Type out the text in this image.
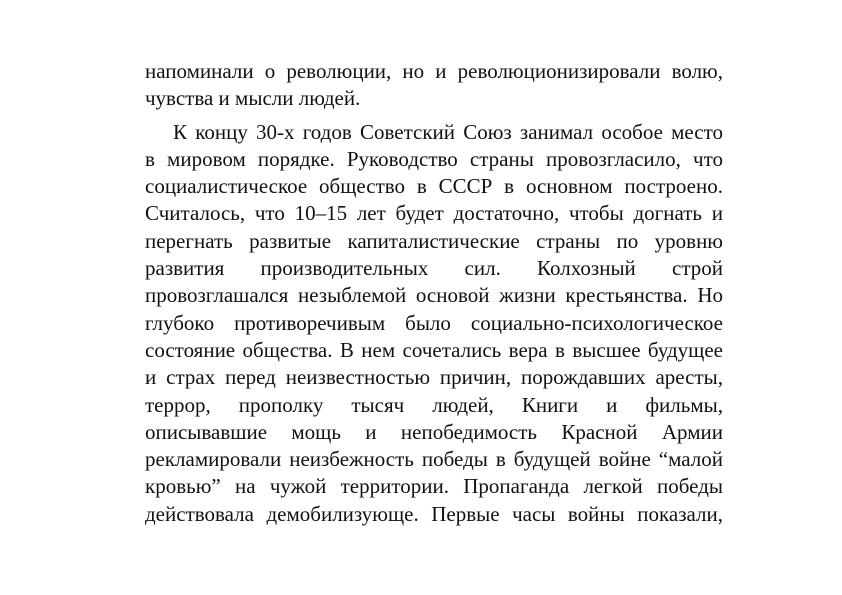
напоминали о революции, но и революционизировали волю,
чувства и мысли людей.
К концу 30-х годов Советский Союз занимал особое место
в мировом порядке. Руководство страны провозгласило, что
социалистическое общество в СССР в основном построено.
Считалось, что 10–15 лет будет достаточно, чтобы догнать и
перегнать развитые капиталистические страны по уровню
развития производительных сил. Колхозный строй
провозглашался незыблемой основой жизни крестьянства. Но
глубоко противоречивым было социально-психологическое
состояние общества. В нем сочетались вера в высшее будущее
и страх перед неизвестностью причин, порождавших аресты,
террор, прополку тысяч людей, Книги и фильмы,
описывавшие мощь и непобедимость Красной Армии
рекламировали неизбежность победы в будущей войне “малой
кровью” на чужой территории. Пропаганда легкой победы
действовала демобилизующе. Первые часы войны показали,
